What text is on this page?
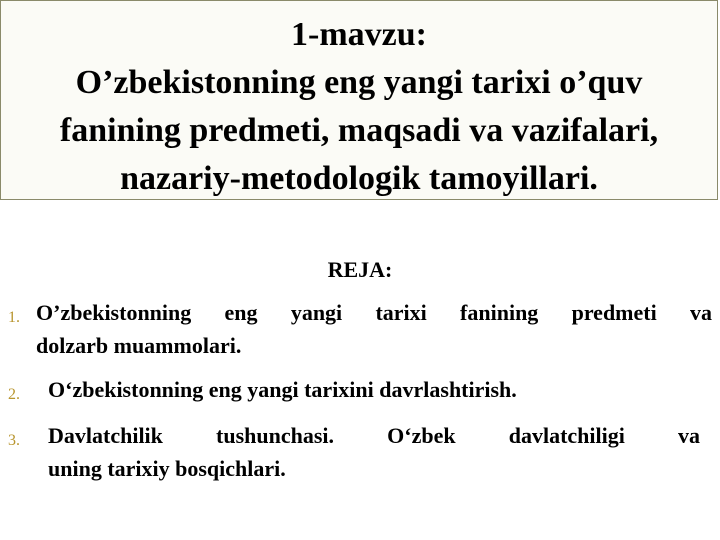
1-mavzu:
O’zbekistonning eng yangi tarixi o’quv
fanining predmeti, maqsadi va vazifalari,
nazariy-metodologik tamoyillari.
REJA:
1. O’zbekistonning eng yangi tarixi fanining predmeti va
dolzarb muammolari.
2. O‘zbekistonning eng yangi tarixini davrlashtirish.
3. Davlatchilik tushunchasi. O‘zbek davlatchiligi va
uning tarixiy bosqichlari.
